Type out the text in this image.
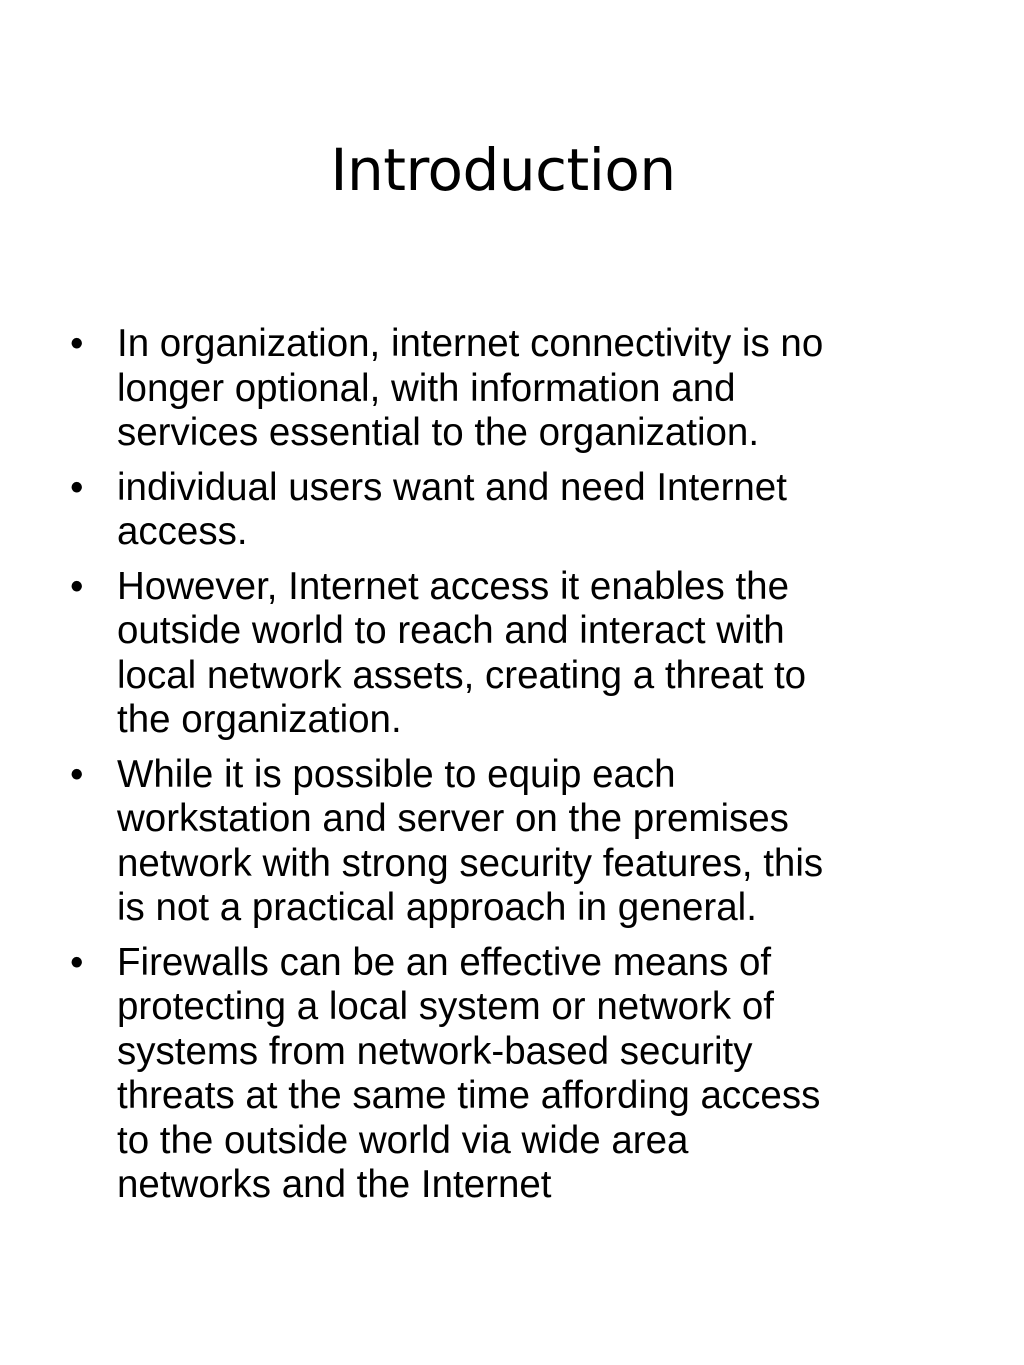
Introduction
• In organization, internet connectivity is no
longer optional, with information and
services essential to the organization.
• individual users want and need Internet
access.
• However, Internet access it enables the
outside world to reach and interact with
local network assets, creating a threat to
the organization.
• While it is possible to equip each
workstation and server on the premises
network with strong security features, this
is not a practical approach in general.
• Firewalls can be an effective means of
protecting a local system or network of
systems from network-based security
threats at the same time affording access
to the outside world via wide area
networks and the Internet
